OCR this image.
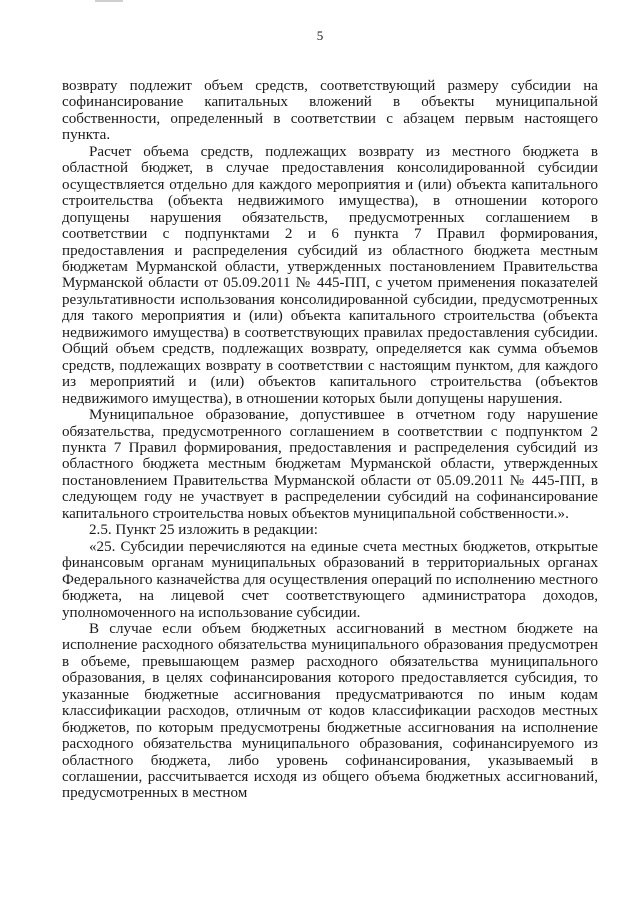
5

возврату подлежит объем средств, соответствующий размеру субсидии на софинансирование капитальных вложений в объекты муниципальной собственности, определенный в соответствии с абзацем первым настоящего пункта.

Расчет объема средств, подлежащих возврату из местного бюджета в областной бюджет, в случае предоставления консолидированной субсидии осуществляется отдельно для каждого мероприятия и (или) объекта капитального строительства (объекта недвижимого имущества), в отношении которого допущены нарушения обязательств, предусмотренных соглашением в соответствии с подпунктами 2 и 6 пункта 7 Правил формирования, предоставления и распределения субсидий из областного бюджета местным бюджетам Мурманской области, утвержденных постановлением Правительства Мурманской области от 05.09.2011 № 445-ПП, с учетом применения показателей результативности использования консолидированной субсидии, предусмотренных для такого мероприятия и (или) объекта капитального строительства (объекта недвижимого имущества) в соответствующих правилах предоставления субсидии. Общий объем средств, подлежащих возврату, определяется как сумма объемов средств, подлежащих возврату в соответствии с настоящим пунктом, для каждого из мероприятий и (или) объектов капитального строительства (объектов недвижимого имущества), в отношении которых были допущены нарушения.

Муниципальное образование, допустившее в отчетном году нарушение обязательства, предусмотренного соглашением в соответствии с подпунктом 2 пункта 7 Правил формирования, предоставления и распределения субсидий из областного бюджета местным бюджетам Мурманской области, утвержденных постановлением Правительства Мурманской области от 05.09.2011 № 445-ПП, в следующем году не участвует в распределении субсидий на софинансирование капитального строительства новых объектов муниципальной собственности.».

2.5. Пункт 25 изложить в редакции:

«25. Субсидии перечисляются на единые счета местных бюджетов, открытые финансовым органам муниципальных образований в территориальных органах Федерального казначейства для осуществления операций по исполнению местного бюджета, на лицевой счет соответствующего администратора доходов, уполномоченного на использование субсидии.

В случае если объем бюджетных ассигнований в местном бюджете на исполнение расходного обязательства муниципального образования предусмотрен в объеме, превышающем размер расходного обязательства муниципального образования, в целях софинансирования которого предоставляется субсидия, то указанные бюджетные ассигнования предусматриваются по иным кодам классификации расходов, отличным от кодов классификации расходов местных бюджетов, по которым предусмотрены бюджетные ассигнования на исполнение расходного обязательства муниципального образования, софинансируемого из областного бюджета, либо уровень софинансирования, указываемый в соглашении, рассчитывается исходя из общего объема бюджетных ассигнований, предусмотренных в местном
